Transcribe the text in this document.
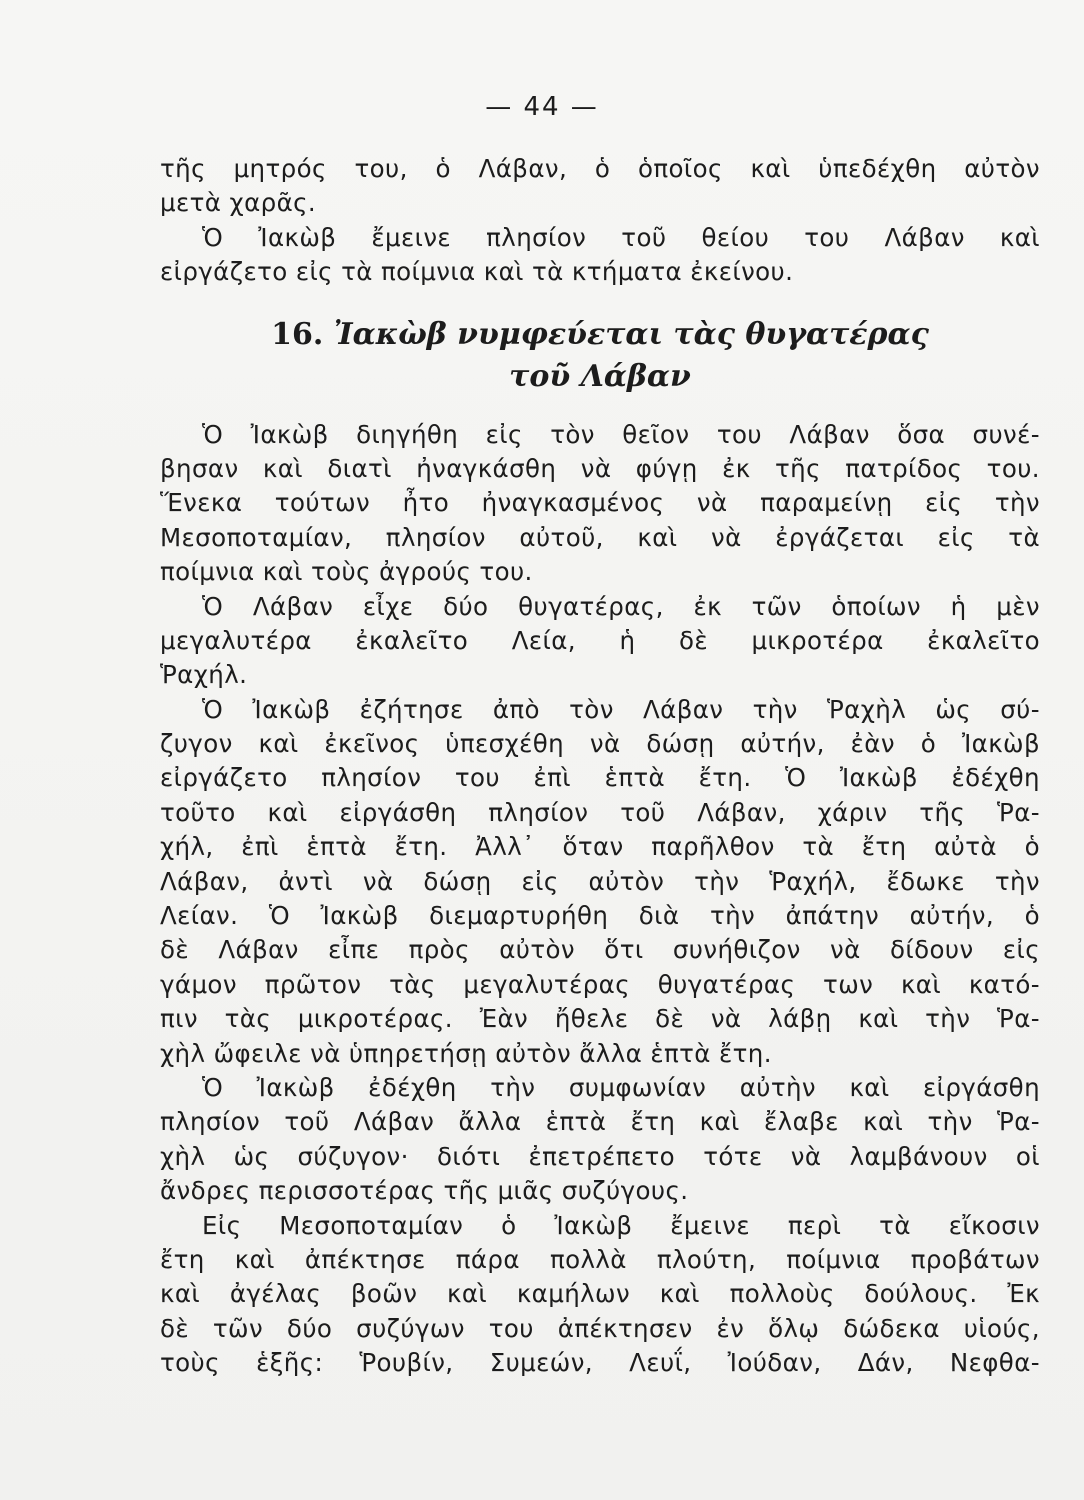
— 44 —
τῆς μητρός του, ὁ Λάβαν, ὁ ὁποῖος καὶ ὑπεδέχθη αὐτὸν
μετὰ χαρᾶς.
Ὁ Ἰακὼβ ἔμεινε πλησίον τοῦ θείου του Λάβαν καὶ
εἰργάζετο εἰς τὰ ποίμνια καὶ τὰ κτήματα ἐκείνου.
16. Ἰακὼβ νυμφεύεται τὰς θυγατέρας
τοῦ Λάβαν
Ὁ Ἰακὼβ διηγήθη εἰς τὸν θεῖον του Λάβαν ὅσα συνέ-
βησαν καὶ διατὶ ἠναγκάσθη νὰ φύγῃ ἐκ τῆς πατρίδος του.
Ἕνεκα τούτων ἦτο ἠναγκασμένος νὰ παραμείνῃ εἰς τὴν
Μεσοποταμίαν, πλησίον αὐτοῦ, καὶ νὰ ἐργάζεται εἰς τὰ
ποίμνια καὶ τοὺς ἀγρούς του.
Ὁ Λάβαν εἶχε δύο θυγατέρας, ἐκ τῶν ὁποίων ἡ μὲν
μεγαλυτέρα ἐκαλεῖτο Λεία, ἡ δὲ μικροτέρα ἐκαλεῖτο
Ῥαχήλ.
Ὁ Ἰακὼβ ἐζήτησε ἀπὸ τὸν Λάβαν τὴν Ῥαχὴλ ὡς σύ-
ζυγον καὶ ἐκεῖνος ὑπεσχέθη νὰ δώσῃ αὐτήν, ἐὰν ὁ Ἰακὼβ
εἰργάζετο πλησίον του ἐπὶ ἑπτὰ ἔτη. Ὁ Ἰακὼβ ἐδέχθη
τοῦτο καὶ εἰργάσθη πλησίον τοῦ Λάβαν, χάριν τῆς Ῥα-
χήλ, ἐπὶ ἑπτὰ ἔτη. Ἀλλ᾽ ὅταν παρῆλθον τὰ ἔτη αὐτὰ ὁ
Λάβαν, ἀντὶ νὰ δώσῃ εἰς αὐτὸν τὴν Ῥαχήλ, ἔδωκε τὴν
Λείαν. Ὁ Ἰακὼβ διεμαρτυρήθη διὰ τὴν ἀπάτην αὐτήν, ὁ
δὲ Λάβαν εἶπε πρὸς αὐτὸν ὅτι συνήθιζον νὰ δίδουν εἰς
γάμον πρῶτον τὰς μεγαλυτέρας θυγατέρας των καὶ κατό-
πιν τὰς μικροτέρας. Ἐὰν ἤθελε δὲ νὰ λάβῃ καὶ τὴν Ῥα-
χὴλ ὤφειλε νὰ ὑπηρετήσῃ αὐτὸν ἄλλα ἑπτὰ ἔτη.
Ὁ Ἰακὼβ ἐδέχθη τὴν συμφωνίαν αὐτὴν καὶ εἰργάσθη
πλησίον τοῦ Λάβαν ἄλλα ἑπτὰ ἔτη καὶ ἔλαβε καὶ τὴν Ῥα-
χὴλ ὡς σύζυγον· διότι ἐπετρέπετο τότε νὰ λαμβάνουν οἱ
ἄνδρες περισσοτέρας τῆς μιᾶς συζύγους.
Εἰς Μεσοποταμίαν ὁ Ἰακὼβ ἔμεινε περὶ τὰ εἴκοσιν
ἔτη καὶ ἀπέκτησε πάρα πολλὰ πλούτη, ποίμνια προβάτων
καὶ ἀγέλας βοῶν καὶ καμήλων καὶ πολλοὺς δούλους. Ἐκ
δὲ τῶν δύο συζύγων του ἀπέκτησεν ἐν ὅλῳ δώδεκα υἱούς,
τοὺς ἑξῆς: Ῥουβίν, Συμεών, Λευΐ, Ἰούδαν, Δάν, Νεφθα-
